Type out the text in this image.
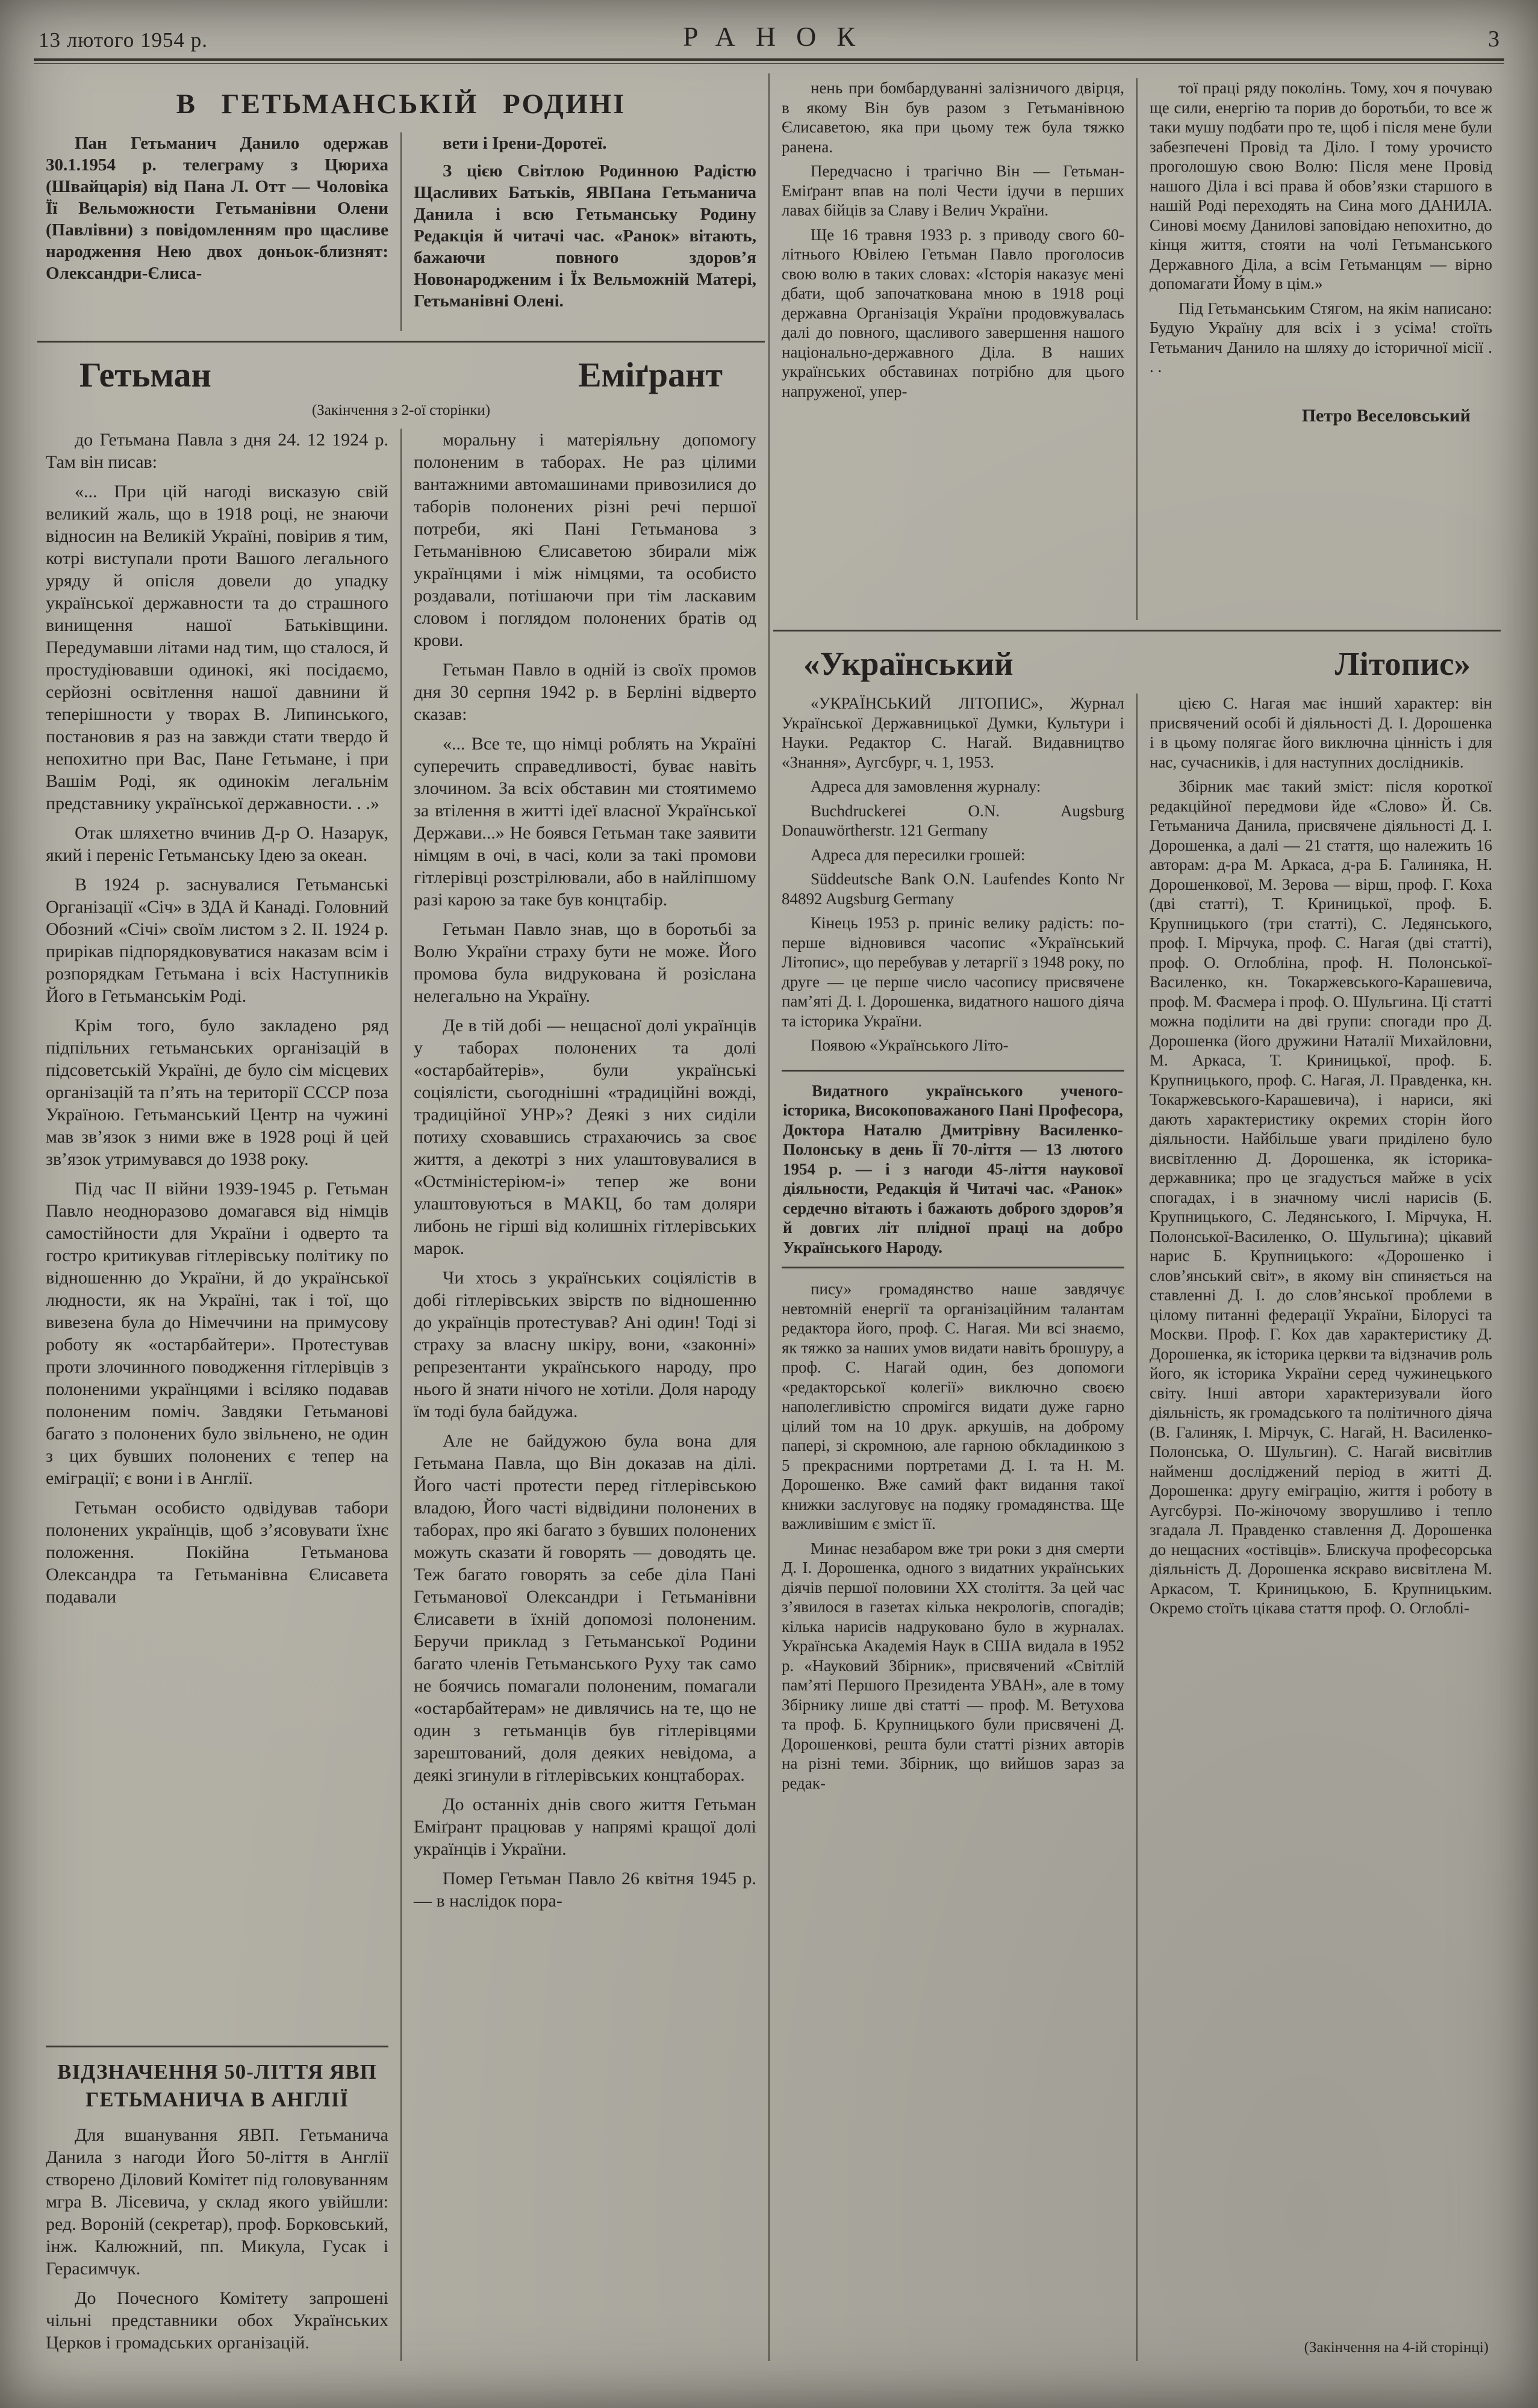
13 лютого 1954 р.	РАНОК	3
В ГЕТЬМАНСЬКІЙ РОДИНІ

Пан Гетьманич Данило одержав 30.1.1954 р. телеграму з Цюриха (Швайцарія) від Пана Л. Отт — Чоловіка Її Вельможности Гетьманівни Олени (Павлівни) з повідомленням про щасливе народження Нею двох доньок-близнят: Олександри-Єлиса-

вети і Ірени-Доротеї.

З цією Світлою Родинною Радістю Щасливих Батьків, ЯВПана Гетьманича Данила і всю Гетьманську Родину Редакція й читачі час. «Ранок» вітають, бажаючи повного здоров’я Новонародженим і Їх Вельможній Матері, Гетьманівні Олені.

Гетьман Еміґрант
(Закінчення з 2-ої сторінки)

до Гетьмана Павла з дня 24. 12 1924 р. Там він писав:

«... При цій нагоді висказую свій великий жаль, що в 1918 році, не знаючи відносин на Великій Україні, повірив я тим, котрі виступали проти Вашого легального уряду й опісля довели до упадку української державности та до страшного винищення нашої Батьківщини. Передумавши літами над тим, що сталося, й простудіювавши одинокі, які посідаємо, серйозні освітлення нашої давнини й теперішности у творах В. Липинського, постановив я раз на завжди стати твердо й непохитно при Вас, Пане Гетьмане, і при Вашім Роді, як одинокім легальнім представнику української державности. . .»

Отак шляхетно вчинив Д-р О. Назарук, який і переніс Гетьманську Ідею за океан.

В 1924 р. заснувалися Гетьманські Організації «Січ» в ЗДА й Канаді. Головний Обозний «Січі» своїм листом з 2. II. 1924 р. прирікав підпорядковуватися наказам всім і розпорядкам Гетьмана і всіх Наступників Його в Гетьманськім Роді.

Крім того, було закладено ряд підпільних гетьманських організацій в підсоветській Україні, де було сім місцевих організацій та п’ять на території СССР поза Україною. Гетьманський Центр на чужині мав зв’язок з ними вже в 1928 році й цей зв’язок утримувався до 1938 року.

Під час II війни 1939-1945 р. Гетьман Павло неодноразово домагався від німців самостійности для України і одверто та гостро критикував гітлерівську політику по відношенню до України, й до української людности, як на Україні, так і тої, що вивезена була до Німеччини на примусову роботу як «остарбайтери». Протестував проти злочинного поводження гітлерівців з полоненими українцями і всіляко подавав полоненим поміч. Завдяки Гетьманові багато з полонених було звільнено, не один з цих бувших полонених є тепер на еміграції; є вони і в Англії.

Гетьман особисто одвідував табори полонених українців, щоб з’ясовувати їхнє положення. Покійна Гетьманова Олександра та Гетьманівна Єлисавета подавали

ВІДЗНАЧЕННЯ 50-ЛІТТЯ ЯВП ГЕТЬМАНИЧА В АНГЛІЇ

Для вшанування ЯВП. Гетьманича Данила з нагоди Його 50-ліття в Англії створено Діловий Комітет під головуванням мгра В. Лісевича, у склад якого увійшли: ред. Вороній (секретар), проф. Борковський, інж. Калюжний, пп. Микула, Гусак і Герасимчук.

До Почесного Комітету запрошені чільні представники обох Українських Церков і громадських організацій.

моральну і матеріяльну допомогу полоненим в таборах. Не раз цілими вантажними автомашинами привозилися до таборів полонених різні речі першої потреби, які Пані Гетьманова з Гетьманівною Єлисаветою збирали між українцями і між німцями, та особисто роздавали, потішаючи при тім ласкавим словом і поглядом полонених братів од крови.

Гетьман Павло в одній із своїх промов дня 30 серпня 1942 р. в Берліні відверто сказав:

«... Все те, що німці роблять на Україні суперечить справедливості, буває навіть злочином. За всіх обставин ми стоятимемо за втілення в житті ідеї власної Української Держави...» Не боявся Гетьман таке заявити німцям в очі, в часі, коли за такі промови гітлерівці розстрілювали, або в найліпшому разі карою за таке був концтабір.

Гетьман Павло знав, що в боротьбі за Волю України страху бути не може. Його промова була видрукована й розіслана нелегально на Україну.

Де в тій добі — нещасної долі українців у таборах полонених та долі «остарбайтерів», були українські соціялісти, сьогоднішні «традиційні вожді, традиційної УНР»? Деякі з них сиділи потиху сховавшись страхаючись за своє життя, а декотрі з них улаштовувалися в «Остміністеріюм-і» тепер же вони улаштовуються в МАКЦ, бо там доляри либонь не гірші від колишніх гітлерівських марок.

Чи хтось з українських соціялістів в добі гітлерівських звірств по відношенню до українців протестував? Ані один! Тоді зі страху за власну шкіру, вони, «законні» репрезентанти українського народу, про нього й знати нічого не хотіли. Доля народу їм тоді була байдужа.

Але не байдужою була вона для Гетьмана Павла, що Він доказав на ділі. Його часті протести перед гітлерівською владою, Його часті відвідини полонених в таборах, про які багато з бувших полонених можуть сказати й говорять — доводять це. Теж багато говорять за себе діла Пані Гетьманової Олександри і Гетьманівни Єлисавети в їхній допомозі полоненим. Беручи приклад з Гетьманської Родини багато членів Гетьманського Руху так само не боячись помагали полоненим, помагали «остарбайтерам» не дивлячись на те, що не один з гетьманців був гітлерівцями зарештований, доля деяких невідома, а деякі згинули в гітлерівських концтаборах.

До останніх днів свого життя Гетьман Еміґрант працював у напрямі кращої долі українців і України.

Помер Гетьман Павло 26 квітня 1945 р. — в наслідок пора-

нень при бомбардуванні залізничого двірця, в якому Він був разом з Гетьманівною Єлисаветою, яка при цьому теж була тяжко ранена.

Передчасно і трагічно Він — Гетьман-Еміґрант впав на полі Чести ідучи в перших лавах бійців за Славу і Велич України.

Ще 16 травня 1933 р. з приводу свого 60-літнього Ювілею Гетьман Павло проголосив свою волю в таких словах: «Історія наказує мені дбати, щоб започаткована мною в 1918 році державна Організація України продовжувалась далі до повного, щасливого завершення нашого національно-державного Діла. В наших українських обставинах потрібно для цього напруженої, упер-

тої праці ряду поколінь. Тому, хоч я почуваю ще сили, енергію та порив до боротьби, то все ж таки мушу подбати про те, щоб і після мене були забезпечені Провід та Діло. І тому урочисто проголошую свою Волю: Після мене Провід нашого Діла і всі права й обов’язки старшого в нашій Роді переходять на Сина мого ДАНИЛА. Синові моєму Данилові заповідаю непохитно, до кінця життя, стояти на чолі Гетьманського Державного Діла, а всім Гетьманцям — вірно допомагати Йому в цім.»

Під Гетьманським Стягом, на якім написано: Будую Україну для всіх і з усіма! стоїть Гетьманич Данило на шляху до історичної місії . . .

Петро Веселовський
«Український Літопис»

«УКРАЇНСЬКИЙ ЛІТОПИС», Журнал Української Державницької Думки, Культури і Науки. Редактор С. Нагай. Видавництво «Знання», Аугсбург, ч. 1, 1953.

Адреса для замовлення журналу:

Buchdruckerei O.N. Augsburg Donauwörtherstr. 121 Germany

Адреса для пересилки грошей:

Süddeutsche Bank O.N. Laufendes Konto Nr 84892 Augsburg Germany

Кінець 1953 р. приніс велику радість: по-перше відновився часопис «Український Літопис», що перебував у летаргії з 1948 року, по друге — це перше число часопису присвячене пам’яті Д. І. Дорошенка, видатного нашого діяча та історика України.

Появою «Українського Літо-

Видатного українського ученого-історика, Високоповажаного Пані Професора, Доктора Наталю Дмитрівну Василенко-Полонську в день Її 70-ліття — 13 лютого 1954 р. — і з нагоди 45-ліття наукової діяльности, Редакція й Читачі час. «Ранок» сердечно вітають і бажають доброго здоров’я й довгих літ плідної праці на добро Українського Народу.

пису» громадянство наше завдячує невтомній енергії та організаційним талантам редактора його, проф. С. Нагая. Ми всі знаємо, як тяжко за наших умов видати навіть брошуру, а проф. С. Нагай один, без допомоги «редакторської колегії» виключно своєю наполегливістю спромігся видати дуже гарно цілий том на 10 друк. аркушів, на доброму папері, зі скромною, але гарною обкладинкою з 5 прекрасними портретами Д. І. та Н. М. Дорошенко. Вже самий факт видання такої книжки заслуговує на подяку громадянства. Ще важливішим є зміст її.

Минає незабаром вже три роки з дня смерти Д. І. Дорошенка, одного з видатних українських діячів першої половини XX століття. За цей час з’явилося в газетах кілька некрологів, спогадів; кілька нарисів надруковано було в журналах. Українська Академія Наук в США видала в 1952 р. «Науковий Збірник», присвячений «Світлій пам’яті Першого Президента УВАН», але в тому Збірнику лише дві статті — проф. М. Ветухова та проф. Б. Крупницького були присвячені Д. Дорошенкові, решта були статті різних авторів на різні теми. Збірник, що вийшов зараз за редак-

цією С. Нагая має інший характер: він присвячений особі й діяльності Д. І. Дорошенка і в цьому полягає його виключна цінність і для нас, сучасників, і для наступних дослідників.

Збірник має такий зміст: після короткої редакційної передмови йде «Слово» Й. Св. Гетьманича Данила, присвячене діяльності Д. І. Дорошенка, а далі — 21 стаття, що належить 16 авторам: д-ра М. Аркаса, д-ра Б. Галиняка, Н. Дорошенкової, М. Зерова — вірш, проф. Г. Коха (дві статті), Т. Криницької, проф. Б. Крупницького (три статті), С. Ледянського, проф. І. Мірчука, проф. С. Нагая (дві статті), проф. О. Оглобліна, проф. Н. Полонської-Василенко, кн. Токаржевського-Карашевича, проф. М. Фасмера і проф. О. Шульгина. Ці статті можна поділити на дві групи: спогади про Д. Дорошенка (його дружини Наталії Михайловни, М. Аркаса, Т. Криницької, проф. Б. Крупницького, проф. С. Нагая, Л. Правденка, кн. Токаржевського-Карашевича), і нариси, які дають характеристику окремих сторін його діяльности. Найбільше уваги приділено було висвітленню Д. Дорошенка, як історика-державника; про це згадується майже в усіх спогадах, і в значному числі нарисів (Б. Крупницького, С. Ледянського, І. Мірчука, Н. Полонської-Василенко, О. Шульгина); цікавий нарис Б. Крупницького: «Дорошенко і слов’янський світ», в якому він спиняється на ставленні Д. І. до слов’янської проблеми в цілому питанні федерації України, Білорусі та Москви. Проф. Г. Кох дав характеристику Д. Дорошенка, як історика церкви та відзначив роль його, як історика України серед чужинецького світу. Інші автори характеризували його діяльність, як громадського та політичного діяча (В. Галиняк, І. Мірчук, С. Нагай, Н. Василенко-Полонська, О. Шульгин). С. Нагай висвітлив найменш досліджений період в житті Д. Дорошенка: другу еміграцію, життя і роботу в Аугсбурзі. По-жіночому зворушливо і тепло згадала Л. Правденко ставлення Д. Дорошенка до нещасних «остівців». Блискуча професорська діяльність Д. Дорошенка яскраво висвітлена М. Аркасом, Т. Криницькою, Б. Крупницьким. Окремо стоїть цікава стаття проф. О. Оглоблі-

(Закінчення на 4-ій сторінці)
